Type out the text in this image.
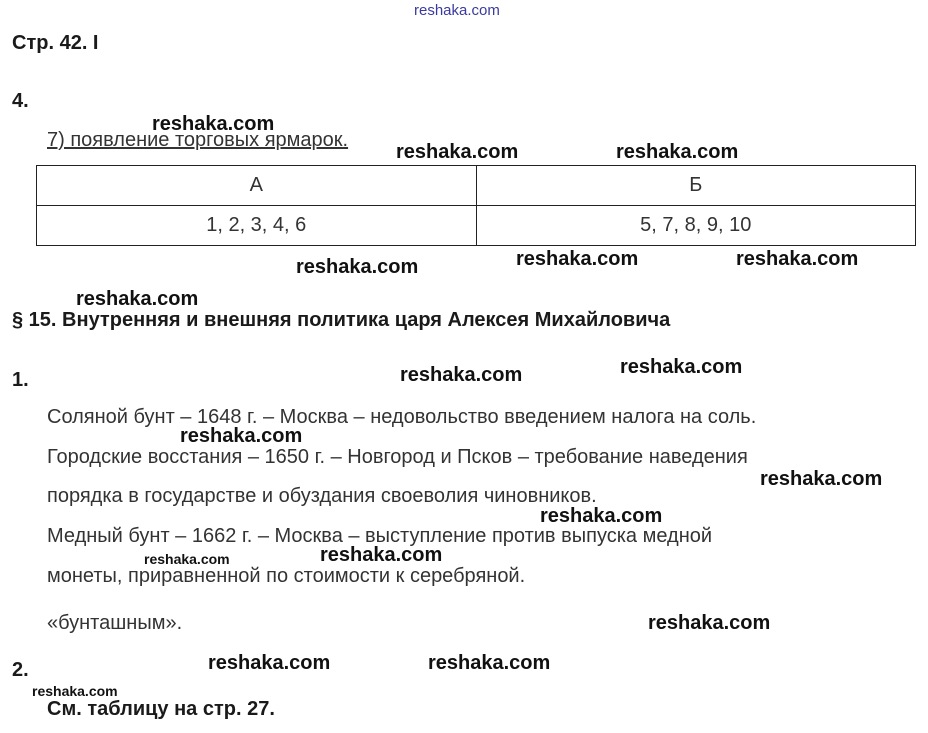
reshaka.com
Стр. 42. I
4.
reshaka.com
7) появление торговых ярмарок.
reshaka.com	reshaka.com
А	Б
1, 2, 3, 4, 6	5, 7, 8, 9, 10
reshaka.com	reshaka.com	reshaka.com
reshaka.com
§ 15. Внутренняя и внешняя политика царя Алексея Михайловича
1.	reshaka.com	reshaka.com
Соляной бунт – 1648 г. – Москва – недовольство введением налога на соль.
reshaka.com
Городские восстания – 1650 г. – Новгород и Псков – требование наведения
порядка в государстве и обуздания своеволия чиновников.
reshaka.com
reshaka.com
Медный бунт – 1662 г. – Москва – выступление против выпуска медной
reshaka.com
reshaka.com
монеты, приравненной по стоимости к серебряной.
«бунташным».	reshaka.com
2.	reshaka.com	reshaka.com
reshaka.com
См. таблицу на стр. 27.
